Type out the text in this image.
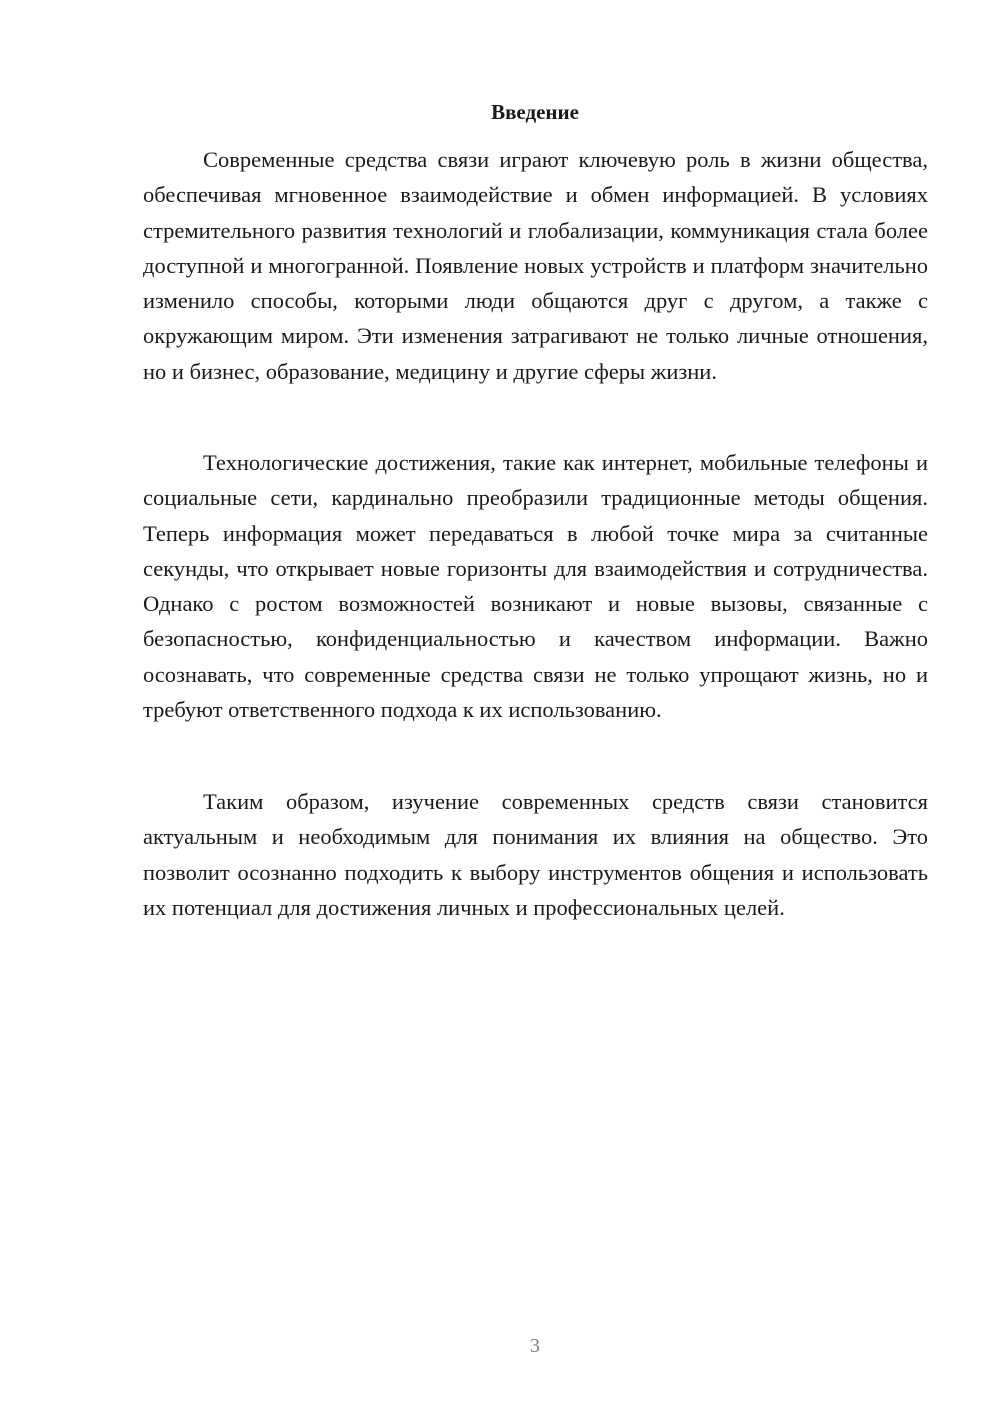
Введение

Современные средства связи играют ключевую роль в жизни общества, обеспечивая мгновенное взаимодействие и обмен информацией. В условиях стремительного развития технологий и глобализации, коммуникация стала более доступной и многогранной. Появление новых устройств и платформ значительно изменило способы, которыми люди общаются друг с другом, а также с окружающим миром. Эти изменения затрагивают не только личные отношения, но и бизнес, образование, медицину и другие сферы жизни.

Технологические достижения, такие как интернет, мобильные телефоны и социальные сети, кардинально преобразили традиционные методы общения. Теперь информация может передаваться в любой точке мира за считанные секунды, что открывает новые горизонты для взаимодействия и сотрудничества. Однако с ростом возможностей возникают и новые вызовы, связанные с безопасностью, конфиденциальностью и качеством информации. Важно осознавать, что современные средства связи не только упрощают жизнь, но и требуют ответственного подхода к их использованию.

Таким образом, изучение современных средств связи становится актуальным и необходимым для понимания их влияния на общество. Это позволит осознанно подходить к выбору инструментов общения и использовать их потенциал для достижения личных и профессиональных целей.

3
